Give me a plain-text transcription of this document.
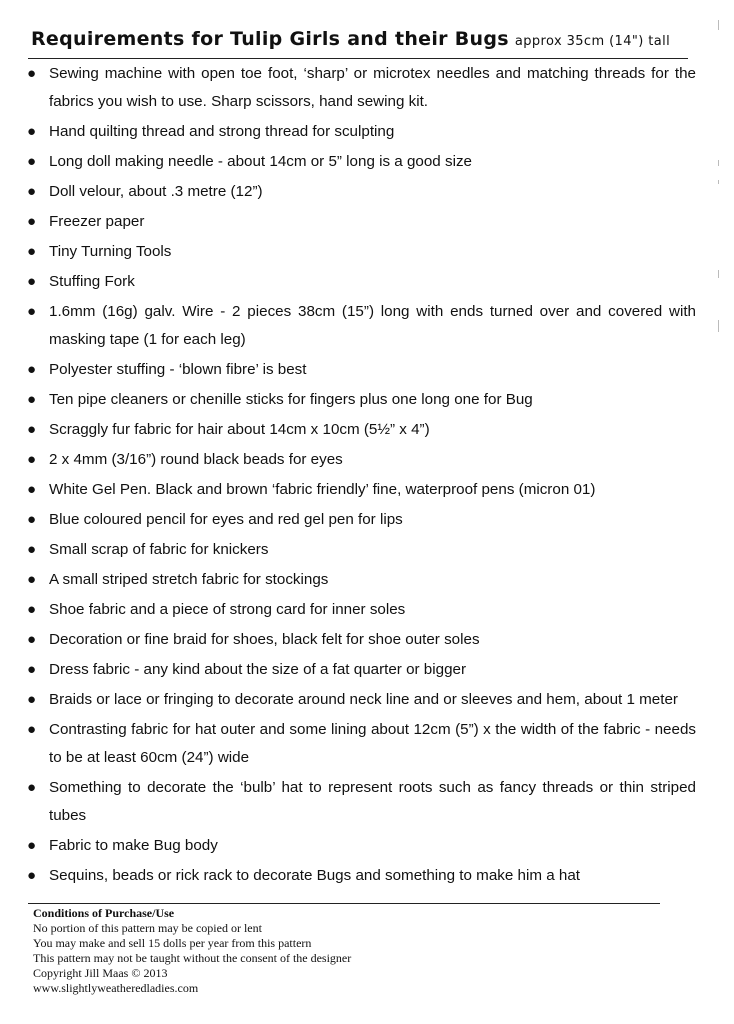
Requirements for Tulip Girls and their Bugs approx 35cm (14") tall
● Sewing machine with open toe foot, ‘sharp’ or microtex needles and matching threads for the fabrics you wish to use. Sharp scissors, hand sewing kit.
● Hand quilting thread and strong thread for sculpting
● Long doll making needle - about 14cm or 5” long is a good size
● Doll velour, about .3 metre (12”)
● Freezer paper
● Tiny Turning Tools
● Stuffing Fork
● 1.6mm (16g) galv. Wire - 2 pieces 38cm (15”) long with ends turned over and covered with masking tape (1 for each leg)
● Polyester stuffing - ‘blown fibre’ is best
● Ten pipe cleaners or chenille sticks for fingers plus one long one for Bug
● Scraggly fur fabric for hair about 14cm x 10cm (5½” x 4”)
● 2 x 4mm (3/16”) round black beads for eyes
● White Gel Pen. Black and brown ‘fabric friendly’ fine, waterproof pens (micron 01)
● Blue coloured pencil for eyes and red gel pen for lips
● Small scrap of fabric for knickers
● A small striped stretch fabric for stockings
● Shoe fabric and a piece of strong card for inner soles
● Decoration or fine braid for shoes, black felt for shoe outer soles
● Dress fabric - any kind about the size of a fat quarter or bigger
● Braids or lace or fringing to decorate around neck line and or sleeves and hem, about 1 meter
● Contrasting fabric for hat outer and some lining about 12cm (5”) x the width of the fabric - needs to be at least 60cm (24”) wide
● Something to decorate the ‘bulb’ hat to represent roots such as fancy threads or thin striped tubes
● Fabric to make Bug body
● Sequins, beads or rick rack to decorate Bugs and something to make him a hat
Conditions of Purchase/Use
No portion of this pattern may be copied or lent
You may make and sell 15 dolls per year from this pattern
This pattern may not be taught without the consent of the designer
Copyright Jill Maas © 2013
www.slightlyweatheredladies.com
